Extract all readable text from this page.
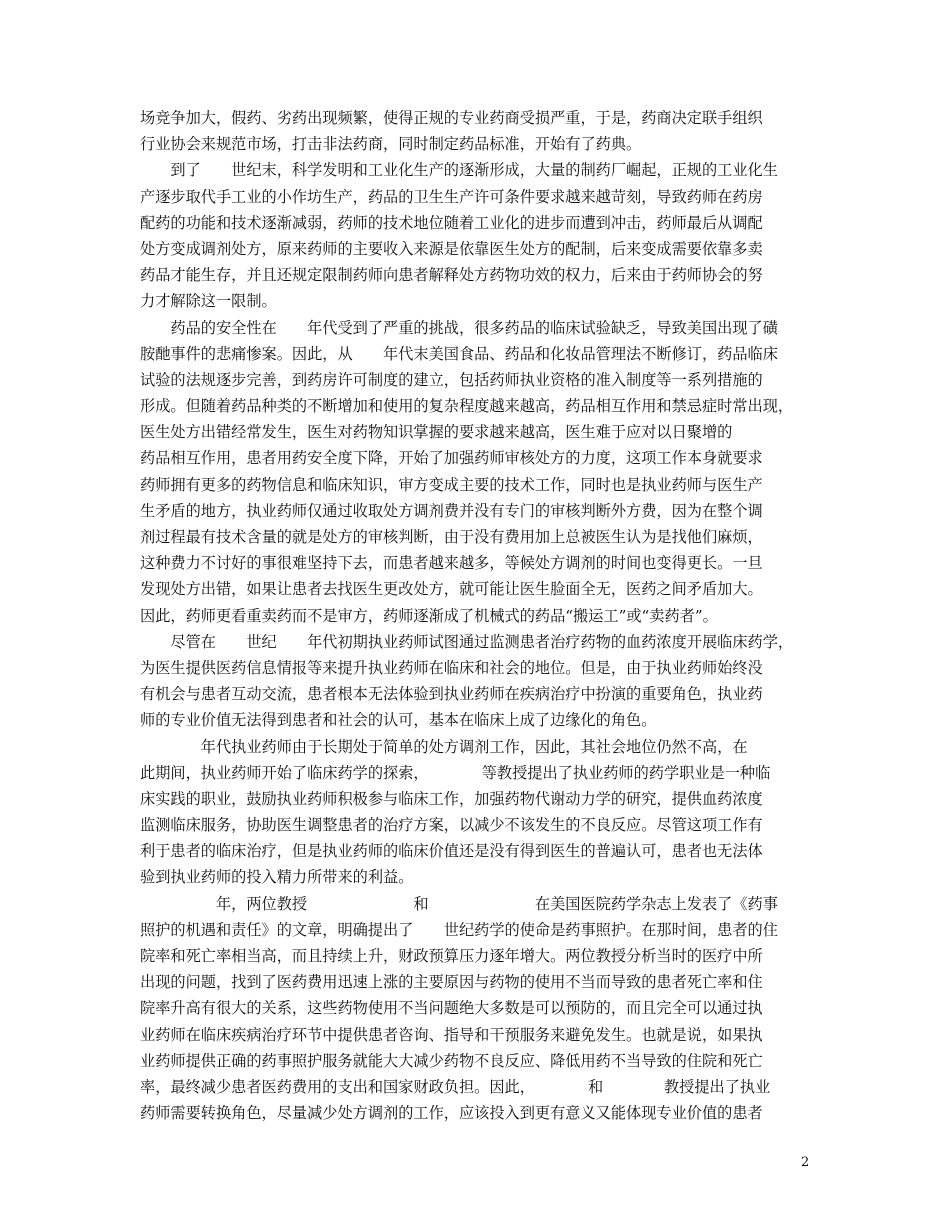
场竞争加大，假药、劣药出现频繁，使得正规的专业药商受损严重，于是，药商决定联手组织
行业协会来规范市场，打击非法药商，同时制定药品标准，开始有了药典。
　　到了　　世纪末，科学发明和工业化生产的逐渐形成，大量的制药厂崛起，正规的工业化生
产逐步取代手工业的小作坊生产，药品的卫生生产许可条件要求越来越苛刻，导致药师在药房
配药的功能和技术逐渐减弱，药师的技术地位随着工业化的进步而遭到冲击，药师最后从调配
处方变成调剂处方，原来药师的主要收入来源是依靠医生处方的配制，后来变成需要依靠多卖
药品才能生存，并且还规定限制药师向患者解释处方药物功效的权力，后来由于药师协会的努
力才解除这一限制。
　　药品的安全性在　　年代受到了严重的挑战，很多药品的临床试验缺乏，导致美国出现了磺
胺酏事件的悲痛惨案。因此，从　　年代末美国食品、药品和化妆品管理法不断修订，药品临床
试验的法规逐步完善，到药房许可制度的建立，包括药师执业资格的准入制度等一系列措施的
形成。但随着药品种类的不断增加和使用的复杂程度越来越高，药品相互作用和禁忌症时常出现，
医生处方出错经常发生，医生对药物知识掌握的要求越来越高，医生难于应对以日聚增的
药品相互作用，患者用药安全度下降，开始了加强药师审核处方的力度，这项工作本身就要求
药师拥有更多的药物信息和临床知识，审方变成主要的技术工作，同时也是执业药师与医生产
生矛盾的地方，执业药师仅通过收取处方调剂费并没有专门的审核判断外方费，因为在整个调
剂过程最有技术含量的就是处方的审核判断，由于没有费用加上总被医生认为是找他们麻烦，
这种费力不讨好的事很难坚持下去，而患者越来越多，等候处方调剂的时间也变得更长。一旦
发现处方出错，如果让患者去找医生更改处方，就可能让医生脸面全无，医药之间矛盾加大。
因此，药师更看重卖药而不是审方，药师逐渐成了机械式的药品“搬运工”或“卖药者”。
　　尽管在　　世纪　　年代初期执业药师试图通过监测患者治疗药物的血药浓度开展临床药学，
为医生提供医药信息情报等来提升执业药师在临床和社会的地位。但是，由于执业药师始终没
有机会与患者互动交流，患者根本无法体验到执业药师在疾病治疗中扮演的重要角色，执业药
师的专业价值无法得到患者和社会的认可，基本在临床上成了边缘化的角色。
　　　　年代执业药师由于长期处于简单的处方调剂工作，因此，其社会地位仍然不高，在
此期间，执业药师开始了临床药学的探索，　　　　等教授提出了执业药师的药学职业是一种临
床实践的职业，鼓励执业药师积极参与临床工作，加强药物代谢动力学的研究，提供血药浓度
监测临床服务，协助医生调整患者的治疗方案，以减少不该发生的不良反应。尽管这项工作有
利于患者的临床治疗，但是执业药师的临床价值还是没有得到医生的普遍认可，患者也无法体
验到执业药师的投入精力所带来的利益。
　　　　　年，两位教授　　　　　　　和　　　　　　　在美国医院药学杂志上发表了《药事
照护的机遇和责任》的文章，明确提出了　　世纪药学的使命是药事照护。在那时间，患者的住
院率和死亡率相当高，而且持续上升，财政预算压力逐年增大。两位教授分析当时的医疗中所
出现的问题，找到了医药费用迅速上涨的主要原因与药物的使用不当而导致的患者死亡率和住
院率升高有很大的关系，这些药物使用不当问题绝大多数是可以预防的，而且完全可以通过执
业药师在临床疾病治疗环节中提供患者咨询、指导和干预服务来避免发生。也就是说，如果执
业药师提供正确的药事照护服务就能大大减少药物不良反应、降低用药不当导致的住院和死亡
率，最终减少患者医药费用的支出和国家财政负担。因此，　　　　和　　　　教授提出了执业
药师需要转换角色，尽量减少处方调剂的工作，应该投入到更有意义又能体现专业价值的患者
2
